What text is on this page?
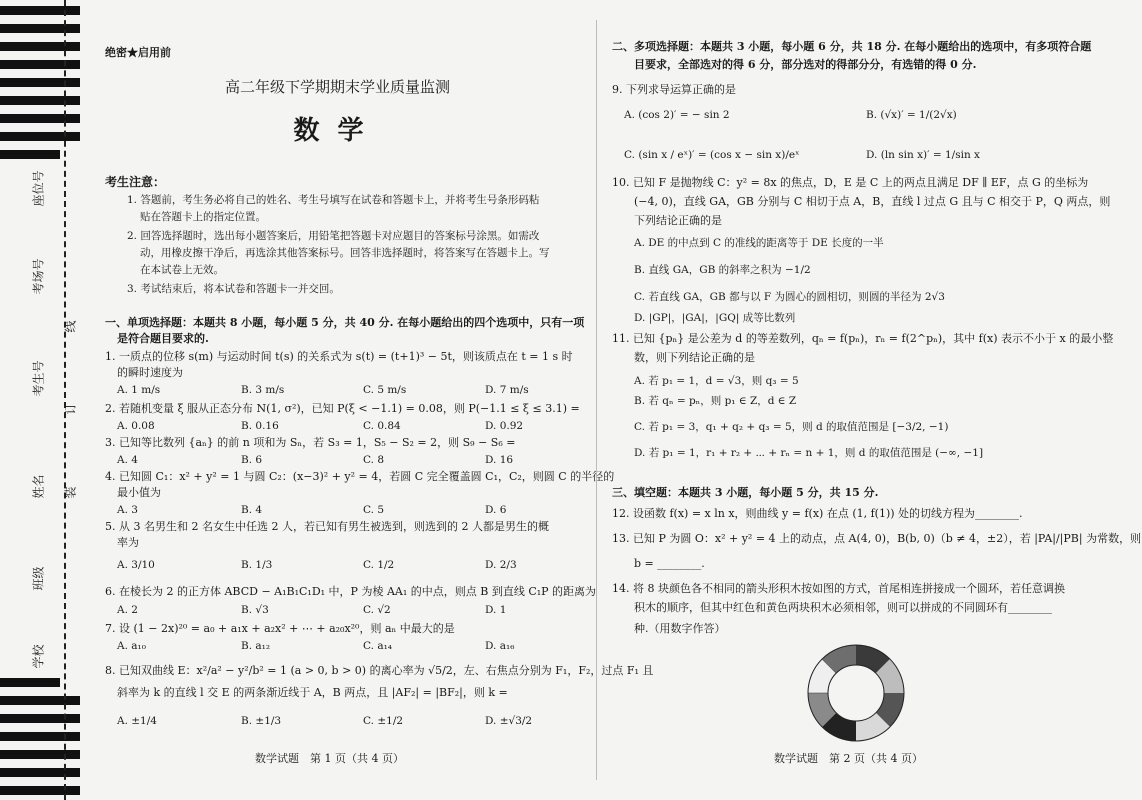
座位号
考场号
考生号
姓名
班级
学校
线
订
装
绝密★启用前
高二年级下学期期末学业质量监测
数学
考生注意：
1. 答题前，考生务必将自己的姓名、考生号填写在试卷和答题卡上，并将考生号条形码粘
贴在答题卡上的指定位置。
2. 回答选择题时，选出每小题答案后，用铅笔把答题卡对应题目的答案标号涂黑。如需改
动，用橡皮擦干净后，再选涂其他答案标号。回答非选择题时，将答案写在答题卡上。写
在本试卷上无效。
3. 考试结束后，将本试卷和答题卡一并交回。
一、单项选择题：本题共 8 小题，每小题 5 分，共 40 分. 在每小题给出的四个选项中，只有一项
是符合题目要求的.
1. 一质点的位移 s(m) 与运动时间 t(s) 的关系式为 s(t) = (t+1)³ − 5t，则该质点在 t = 1 s 时
的瞬时速度为
A. 1 m/s	B. 3 m/s	C. 5 m/s	D. 7 m/s
2. 若随机变量 ξ 服从正态分布 N(1, σ²)，已知 P(ξ < −1.1) = 0.08，则 P(−1.1 ≤ ξ ≤ 3.1) =
A. 0.08	B. 0.16	C. 0.84	D. 0.92
3. 已知等比数列 {aₙ} 的前 n 项和为 Sₙ，若 S₃ = 1，S₅ − S₂ = 2，则 S₉ − S₆ =
A. 4	B. 6	C. 8	D. 16
4. 已知圆 C₁：x² + y² = 1 与圆 C₂：(x−3)² + y² = 4，若圆 C 完全覆盖圆 C₁，C₂，则圆 C 的半径的
最小值为
A. 3	B. 4	C. 5	D. 6
5. 从 3 名男生和 2 名女生中任选 2 人，若已知有男生被选到，则选到的 2 人都是男生的概
率为
A. 3/10	B. 1/3	C. 1/2	D. 2/3
6. 在棱长为 2 的正方体 ABCD − A₁B₁C₁D₁ 中，P 为棱 AA₁ 的中点，则点 B 到直线 C₁P 的距离为
A. 2	B. √3	C. √2	D. 1
7. 设 (1 − 2x)²⁰ = a₀ + a₁x + a₂x² + ⋯ + a₂₀x²⁰，则 aₙ 中最大的是
A. a₁₀	B. a₁₂	C. a₁₄	D. a₁₆
8. 已知双曲线 E：x²/a² − y²/b² = 1 (a > 0, b > 0) 的离心率为 √5/2，左、右焦点分别为 F₁，F₂，过点 F₁ 且
斜率为 k 的直线 l 交 E 的两条渐近线于 A，B 两点，且 |AF₂| = |BF₂|，则 k =
A. ±1/4	B. ±1/3	C. ±1/2	D. ±√3/2
数学试题　第 1 页（共 4 页）
二、多项选择题：本题共 3 小题，每小题 6 分，共 18 分. 在每小题给出的选项中，有多项符合题
目要求，全部选对的得 6 分，部分选对的得部分分，有选错的得 0 分.
9. 下列求导运算正确的是
A. (cos 2)′ = − sin 2	B. (√x)′ = 1/(2√x)
C. (sin x / eˣ)′ = (cos x − sin x)/eˣ	D. (ln sin x)′ = 1/sin x
10. 已知 F 是抛物线 C：y² = 8x 的焦点，D，E 是 C 上的两点且满足 DF ∥ EF，点 G 的坐标为
(−4, 0)，直线 GA，GB 分别与 C 相切于点 A，B，直线 l 过点 G 且与 C 相交于 P，Q 两点，则
下列结论正确的是
A. DE 的中点到 C 的准线的距离等于 DE 长度的一半
B. 直线 GA，GB 的斜率之积为 −1/2
C. 若直线 GA，GB 都与以 F 为圆心的圆相切，则圆的半径为 2√3
D. |GP|，|GA|，|GQ| 成等比数列
11. 已知 {pₙ} 是公差为 d 的等差数列，qₙ = f(pₙ)，rₙ = f(2^pₙ)，其中 f(x) 表示不小于 x 的最小整
数，则下列结论正确的是
A. 若 p₁ = 1，d = √3，则 q₃ = 5
B. 若 qₙ = pₙ，则 p₁ ∈ Z，d ∈ Z
C. 若 p₁ = 3，q₁ + q₂ + q₃ = 5，则 d 的取值范围是 [−3/2, −1)
D. 若 p₁ = 1，r₁ + r₂ + ⋯ + rₙ = n + 1，则 d 的取值范围是 (−∞, −1]
三、填空题：本题共 3 小题，每小题 5 分，共 15 分.
12. 设函数 f(x) = x ln x，则曲线 y = f(x) 在点 (1, f(1)) 处的切线方程为________.
13. 已知 P 为圆 O：x² + y² = 4 上的动点，点 A(4, 0)，B(b, 0)（b ≠ 4，±2），若 |PA|/|PB| 为常数，则
b = ________.
14. 将 8 块颜色各不相同的箭头形积木按如图的方式，首尾相连拼接成一个圆环，若任意调换
积木的顺序，但其中红色和黄色两块积木必须相邻，则可以拼成的不同圆环有________
种.（用数字作答）
数学试题　第 2 页（共 4 页）
